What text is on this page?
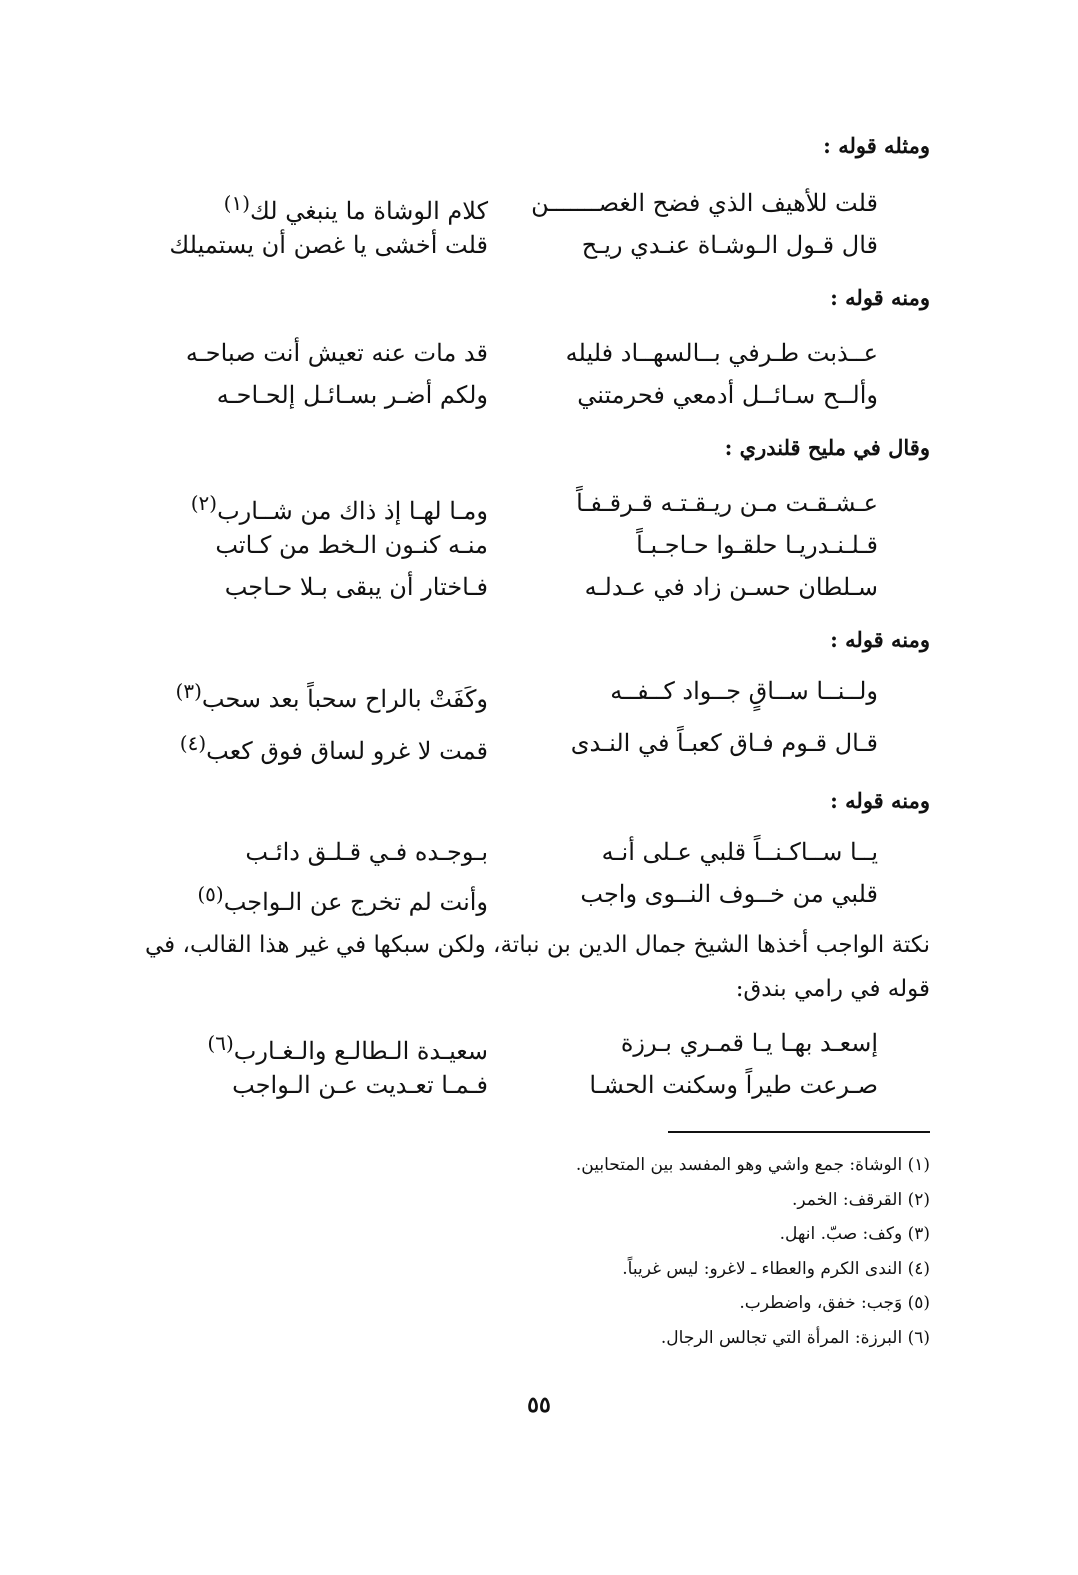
ومثله قوله :
قلت للأهيف الذي فضح الغصـــــــن
كلام الوشاة ما ينبغي لك$^{(١)}$
قال قـول الـوشـاة عنـدي ريـح
قلت أخشى يا غصن أن يستميلك
ومنه قوله :
عــذبت طـرفي بــالسهــاد فليله
قد مات عنه تعيش أنت صباحـه
وألــح سـائــل أدمعي فحرمتني
ولكم أضـر بسـائـل إلحـاحـه
وقال في مليح قلندري :
عـشـقـت مـن ريـقـتـه قـرقـفـاً
ومـا لهـا إذ ذاك من شــارب$^{(٢)}$
قـلـنـدريـا حلقـوا حـاجـبـاً
منـه كنـون الـخط من كـاتب
سـلطان حسـن زاد في عـدلـه
فـاختار أن يبقى بـلا حـاجب
ومنه قوله :
ولــنــا ســاقٍ جــواد كــفــه
وكَفَتْ بالراح سحباً بعد سحب$^{(٣)}$
قـال قـوم فـاق كعبـاً في النـدى
قمت لا غرو لساق فوق كعب$^{(٤)}$
ومنه قوله :
يــا ســاكـنــاً قلبي عـلى أنـه
بـوجـده فـي قـلـق دائـب
قلبي من خــوف النــوى واجب
وأنت لم تخرج عن الـواجب$^{(٥)}$
نكتة الواجب أخذها الشيخ جمال الدين بن نباتة، ولكن سبكها في غير هذا القالب، في قوله في رامي بندق:
إسعـد بهـا يـا قمـري بـرزة
سعيـدة الـطالـع والـغـارب$^{(٦)}$
صـرعت طيراً وسكنت الحشـا
فـمـا تعـديت عـن الـواجب
(١) الوشاة: جمع واشي وهو المفسد بين المتحابين.
(٢) القرقف: الخمر.
(٣) وكف: صبّ. انهل.
(٤) الندى الكرم والعطاء ـ لاغرو: ليس غريباً.
(٥) وَجب: خفق، واضطرب.
(٦) البرزة: المرأة التي تجالس الرجال.
٥٥
